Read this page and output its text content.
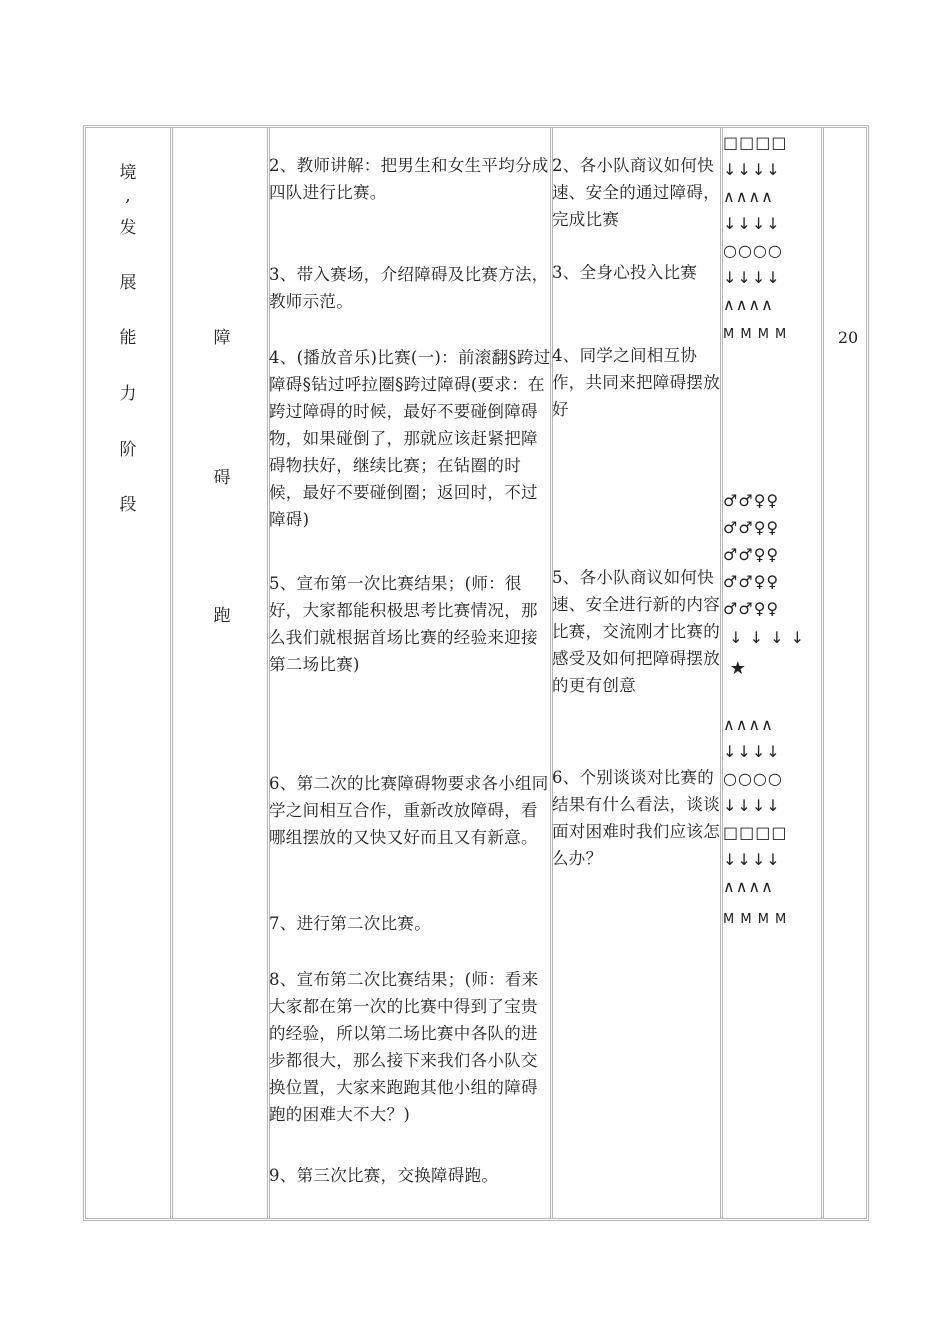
境
,
发
展
能
力
阶
段
障
碍
跑
2、教师讲解：把男生和女生平均分成四队进行比赛。
3、带入赛场，介绍障碍及比赛方法，教师示范。
4、(播放音乐)比赛(一)：前滚翻§跨过障碍§钻过呼拉圈§跨过障碍(要求：在跨过障碍的时候，最好不要碰倒障碍物，如果碰倒了，那就应该赶紧把障碍物扶好，继续比赛；在钻圈的时候，最好不要碰倒圈；返回时，不过障碍)
5、宣布第一次比赛结果；(师：很好，大家都能积极思考比赛情况，那么我们就根据首场比赛的经验来迎接第二场比赛)
6、第二次的比赛障碍物要求各小组同学之间相互合作，重新改放障碍，看哪组摆放的又快又好而且又有新意。
7、进行第二次比赛。
8、宣布第二次比赛结果；(师：看来大家都在第一次的比赛中得到了宝贵的经验，所以第二场比赛中各队的进步都很大，那么接下来我们各小队交换位置，大家来跑跑其他小组的障碍跑的困难大不大？)
9、第三次比赛，交换障碍跑。
2、各小队商议如何快速、安全的通过障碍，完成比赛
3、全身心投入比赛
4、同学之间相互协作，共同来把障碍摆放好
5、各小队商议如何快速、安全进行新的内容比赛，交流刚才比赛的感受及如何把障碍摆放的更有创意
6、个别谈谈对比赛的结果有什么看法，谈谈面对困难时我们应该怎么办？
□□□□
↓↓↓↓
∧∧∧∧
↓↓↓↓
○○○○
↓↓↓↓
∧∧∧∧
M M M M
♂♂♀♀
♂♂♀♀
♂♂♀♀
♂♂♀♀
♂♂♀♀
↓ ↓ ↓ ↓
★
∧∧∧∧
↓↓↓↓
○○○○
↓↓↓↓
□□□□
↓↓↓↓
∧∧∧∧
M M M M
20
